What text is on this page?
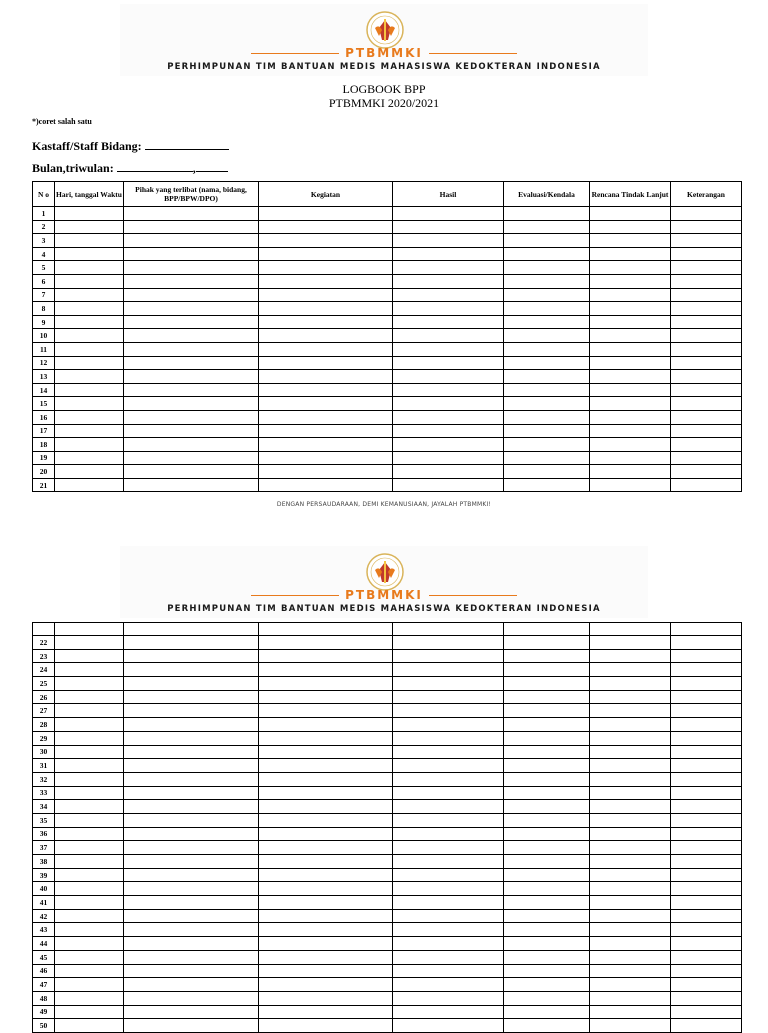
PTBMMKI
PERHIMPUNAN TIM BANTUAN MEDIS MAHASISWA KEDOKTERAN INDONESIA
LOGBOOK BPP
PTBMMKI 2020/2021
*)coret salah satu
Kastaff/Staff Bidang:
Bulan,triwulan:	,
N o	Hari, tanggal Waktu	Pihak yang terlibat (nama, bidang, BPP/BPW/DPO)	Kegiatan	Hasil	Evaluasi/Kendala	Rencana Tindak Lanjut	Keterangan
1							
2							
3							
4							
5							
6							
7							
8							
9							
10							
11							
12							
13							
14							
15							
16							
17							
18							
19							
20							
21							
DENGAN PERSAUDARAAN, DEMI KEMANUSIAAN, JAYALAH PTBMMKI!
PTBMMKI
PERHIMPUNAN TIM BANTUAN MEDIS MAHASISWA KEDOKTERAN INDONESIA

22							
23							
24							
25							
26							
27							
28							
29							
30							
31							
32							
33							
34							
35							
36							
37							
38							
39							
40							
41							
42							
43							
44							
45							
46							
47							
48							
49							
50							
